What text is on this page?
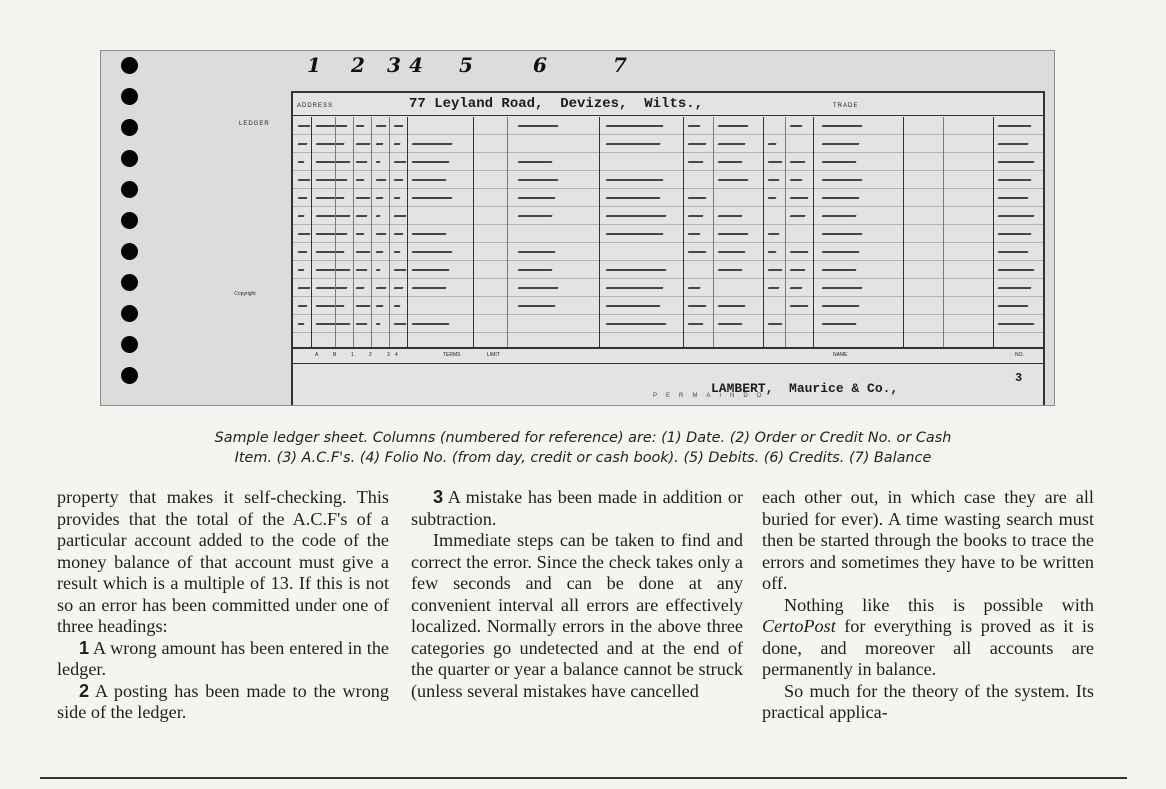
1 2 3 4 5	6	7
LEDGER
Copyright
ADDRESS	77 Leyland Road,  Devizes,  Wilts.,	TRADE
A	B	1	2	3 4	TERMS	LIMIT	NAME	NO.
LAMBERT,  Maurice & Co.,
3
PERMAINDO
Sample ledger sheet. Columns (numbered for reference) are: (1) Date. (2) Order or Credit No. or Cash
Item. (3) A.C.F's. (4) Folio No. (from day, credit or cash book). (5) Debits. (6) Credits. (7) Balance

property that makes it self-checking. This provides that the total of the A.C.F's of a particular account added to the code of the money balance of that account must give a result which is a multiple of 13. If this is not so an error has been committed under one of three headings:

1 A wrong amount has been entered in the ledger.

2 A posting has been made to the wrong side of the ledger.

3 A mistake has been made in addition or subtraction.

Immediate steps can be taken to find and correct the error. Since the check takes only a few seconds and can be done at any convenient interval all errors are effectively localized. Normally errors in the above three categories go undetected and at the end of the quarter or year a balance cannot be struck (unless several mistakes have cancelled

each other out, in which case they are all buried for ever). A time wasting search must then be started through the books to trace the errors and sometimes they have to be written off.

Nothing like this is possible with CertoPost for everything is proved as it is done, and moreover all accounts are permanently in balance.

So much for the theory of the system. Its practical applica-
